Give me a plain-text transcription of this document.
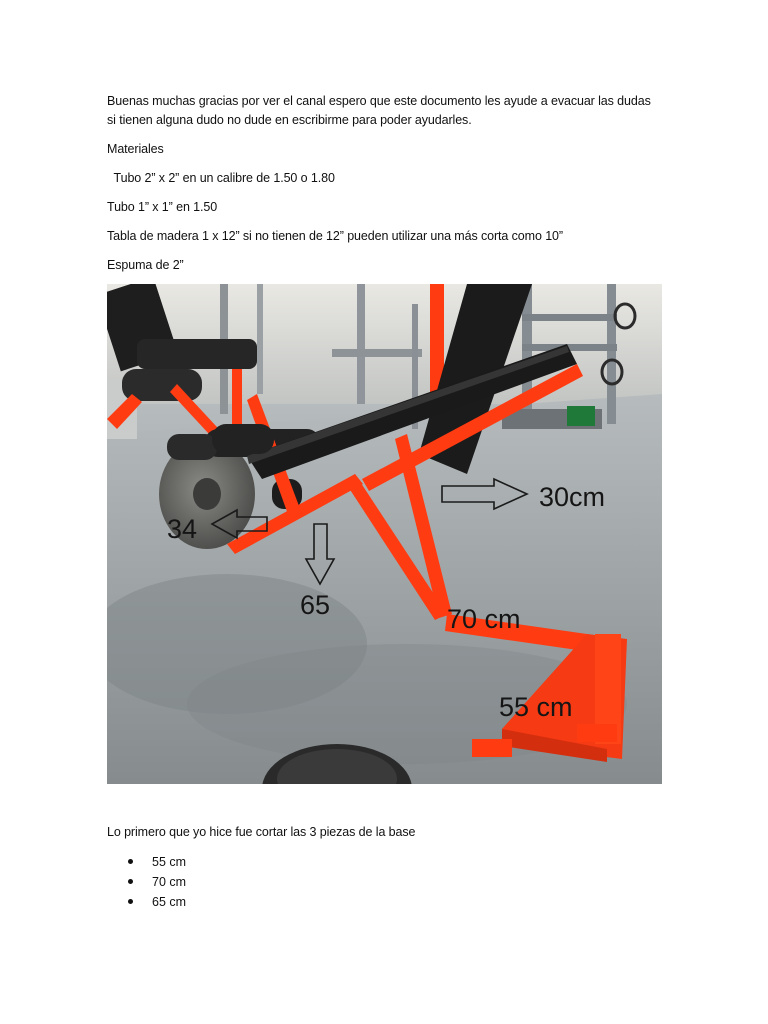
Buenas muchas gracias por ver el canal espero que este documento les ayude a evacuar las dudas

si tienen alguna dudo no dude en escribirme para poder ayudarles.

Materiales

Tubo 2” x 2” en un calibre de 1.50 o 1.80

Tubo 1” x 1” en 1.50

Tabla de madera 1 x 12” si no tienen de 12” pueden utilizar una más corta como 10”

Espuma de 2”

30cm
34
65	70 cm
55 cm

Lo primero que yo hice fue cortar las 3 piezas de la base

55 cm
70 cm
65 cm
